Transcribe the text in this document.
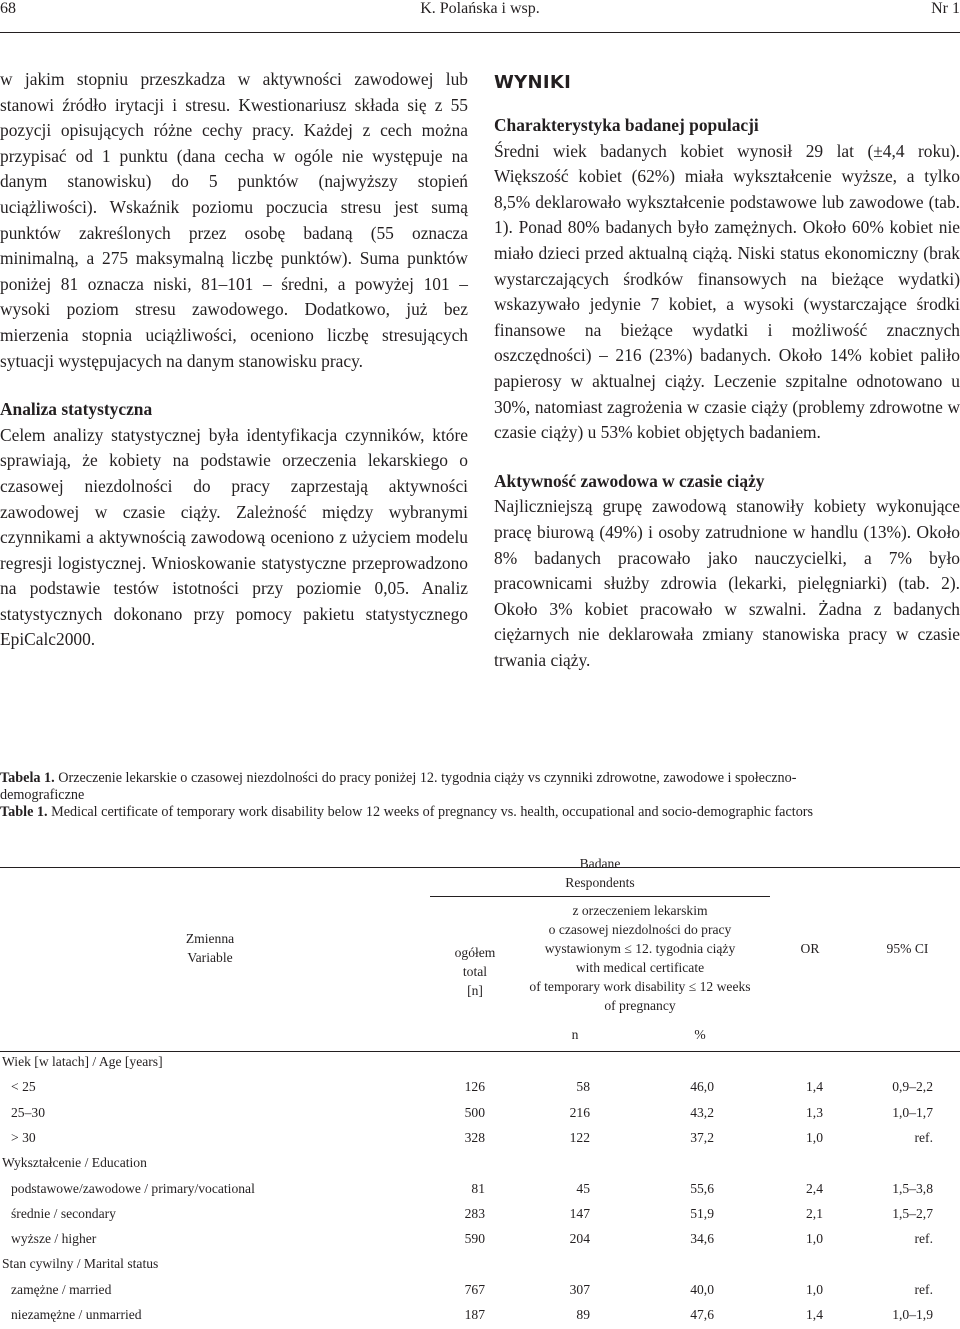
68	K. Polańska i wsp.	Nr 1

w jakim stopniu przeszkadza w aktywności zawodowej lub stanowi źródło irytacji i stresu. Kwestionariusz składa się z 55 pozycji opisujących różne cechy pracy. Każdej z cech można przypisać od 1 punktu (dana cecha w ogóle nie występuje na danym stanowisku) do 5 punktów (najwyższy stopień uciążliwości). Wskaźnik poziomu poczucia stresu jest sumą punktów zakreślonych przez osobę badaną (55 oznacza minimalną, a 275 maksymalną liczbę punktów). Suma punktów poniżej 81 oznacza niski, 81–101 – średni, a powyżej 101 – wysoki poziom stresu zawodowego. Dodatkowo, już bez mierzenia stopnia uciążliwości, oceniono liczbę stresujących sytuacji występujacych na danym stanowisku pracy.

Analiza statystyczna

Celem analizy statystycznej była identyfikacja czynników, które sprawiają, że kobiety na podstawie orzeczenia lekarskiego o czasowej niezdolności do pracy zaprzestają aktywności zawodowej w czasie ciąży. Zależność między wybranymi czynnikami a aktywnością zawodową oceniono z użyciem modelu regresji logistycznej. Wnioskowanie statystyczne przeprowadzono na podstawie testów istotności przy poziomie 0,05. Analiz statystycznych dokonano przy pomocy pakietu statystycznego EpiCalc2000.

WYNIKI
Charakterystyka badanej populacji

Średni wiek badanych kobiet wynosił 29 lat (±4,4 roku). Większość kobiet (62%) miała wykształcenie wyższe, a tylko 8,5% deklarowało wykształcenie podstawowe lub zawodowe (tab. 1). Ponad 80% badanych było zamężnych. Około 60% kobiet nie miało dzieci przed aktualną ciążą. Niski status ekonomiczny (brak wystarczających środków finansowych na bieżące wydatki) wskazywało jedynie 7 kobiet, a wysoki (wystarczające środki finansowe na bieżące wydatki i możliwość znacznych oszczędności) – 216 (23%) badanych. Około 14% kobiet paliło papierosy w aktualnej ciąży. Leczenie szpitalne odnotowano u 30%, natomiast zagrożenia w czasie ciąży (problemy zdrowotne w czasie ciąży) u 53% kobiet objętych badaniem.

Aktywność zawodowa w czasie ciąży

Najliczniejszą grupę zawodową stanowiły kobiety wykonujące pracę biurową (49%) i osoby zatrudnione w handlu (13%). Około 8% badanych pracowało jako nauczycielki, a 7% było pracownicami służby zdrowia (lekarki, pielęgniarki) (tab. 2). Około 3% kobiet pracowało w szwalni. Żadna z badanych ciężarnych nie deklarowała zmiany stanowiska pracy w czasie trwania ciąży.

Tabela 1. Orzeczenie lekarskie o czasowej niezdolności do pracy poniżej 12. tygodnia ciąży vs czynniki zdrowotne, zawodowe i społeczno-demograficzne

Table 1. Medical certificate of temporary work disability below 12 weeks of pregnancy vs. health, occupational and socio-demographic factors

Badane
Respondents
Zmienna
Variable	ogółem
total
[n]
z orzeczeniem lekarskim
o czasowej niezdolności do pracy
wystawionym ≤ 12. tygodnia ciąży
with medical certificate
of temporary work disability ≤ 12 weeks
of pregnancy
n	%
OR	95% CI
Wiek [w latach] / Age [years]
< 25	126	58	46,0	1,4	0,9–2,2
25–30	500	216	43,2	1,3	1,0–1,7
> 30	328	122	37,2	1,0	ref.
Wykształcenie / Education
podstawowe/zawodowe / primary/vocational	81	45	55,6	2,4	1,5–3,8
średnie / secondary	283	147	51,9	2,1	1,5–2,7
wyższe / higher	590	204	34,6	1,0	ref.
Stan cywilny / Marital status
zamężne / married	767	307	40,0	1,0	ref.
niezamężne / unmarried	187	89	47,6	1,4	1,0–1,9
